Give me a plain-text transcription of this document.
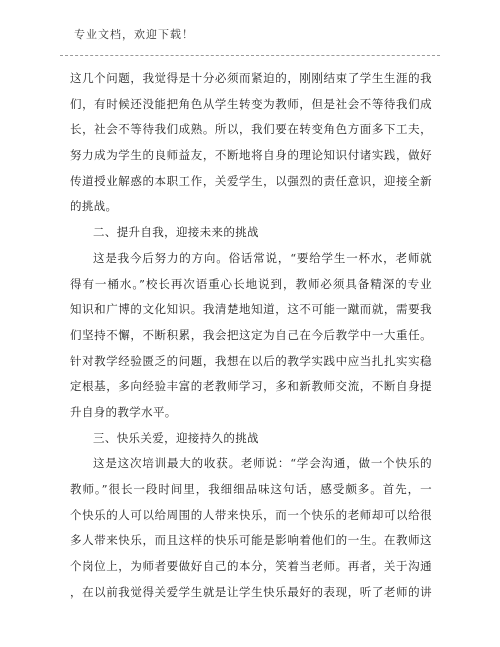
专业文档，欢迎下载！
这几个问题，我觉得是十分必须而紧迫的，刚刚结束了学生生涯的我
们，有时候还没能把角色从学生转变为教师，但是社会不等待我们成
长，社会不等待我们成熟。所以，我们要在转变角色方面多下工夫，
努力成为学生的良师益友，不断地将自身的理论知识付诸实践，做好
传道授业解惑的本职工作，关爱学生，以强烈的责任意识，迎接全新
的挑战。
二、提升自我，迎接未来的挑战
这是我今后努力的方向。俗话常说，“要给学生一杯水，老师就
得有一桶水。”校长再次语重心长地说到，教师必须具备精深的专业
知识和广博的文化知识。我清楚地知道，这不可能一蹴而就，需要我
们坚持不懈，不断积累，我会把这定为自己在今后教学中一大重任。
针对教学经验匮乏的问题，我想在以后的教学实践中应当扎扎实实稳
定根基，多向经验丰富的老教师学习，多和新教师交流，不断自身提
升自身的教学水平。
三、快乐关爱，迎接持久的挑战
这是这次培训最大的收获。老师说：“学会沟通，做一个快乐的
教师。”很长一段时间里，我细细品味这句话，感受颇多。首先，一
个快乐的人可以给周围的人带来快乐，而一个快乐的老师却可以给很
多人带来快乐，而且这样的快乐可能是影响着他们的一生。在教师这
个岗位上，为师者要做好自己的本分，笑着当老师。再者，关于沟通
，在以前我觉得关爱学生就是让学生快乐最好的表现，听了老师的讲
